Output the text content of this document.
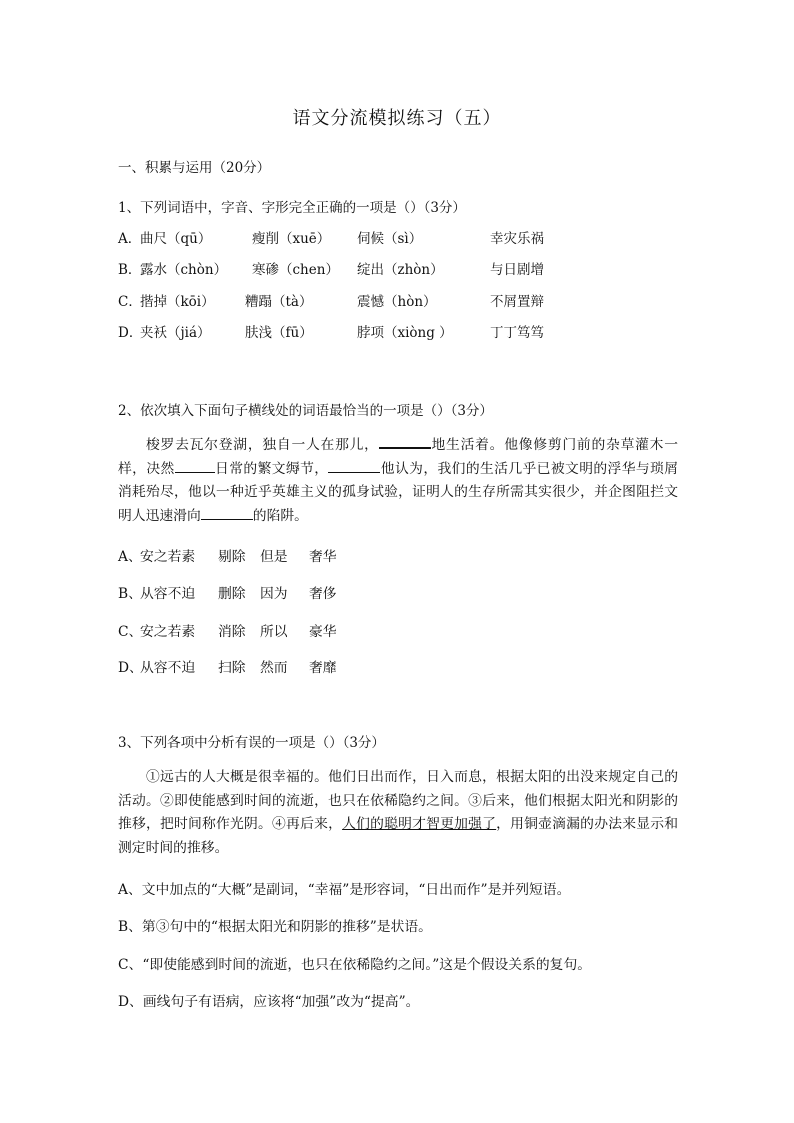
语文分流模拟练习（五）
一、积累与运用（20分）
1、下列词语中，字音、字形完全正确的一项是（）（3分）
A．
曲尺（qū）	瘦削（xuē） 伺候（sì）	幸灾乐祸
B．
露水（chòn） 寒碜（chen） 绽出（zhòn）	与日剧增
C．
揩掉（kōi） 糟蹋（tà）	震憾（hòn）	不屑置辩
D．
夹袄（jiá）	肤浅（fū）	脖项（xiòng ）	丁丁笃笃
2、依次填入下面句子横线处的词语最恰当的一项是（）（3分）
梭罗去瓦尔登湖，独自一人在那儿，	地生活着。他像修剪门前的杂草灌木一样，决然	日常的繁文缛节，	他认为，我们的生活几乎已被文明的浮华与琐屑消耗殆尽，他以一种近乎英雄主义的孤身试验，证明人的生存所需其实很少，并企图阻拦文明人迅速滑向	的陷阱。
A、
安之若素 剔除 但是 奢华
B、
从容不迫 删除 因为 奢侈
C、
安之若素 消除 所以 豪华
D、
从容不迫 扫除 然而 奢靡
3、下列各项中分析有误的一项是（）（3分）
①远古的人大概是很幸福的。他们日出而作，日入而息，根据太阳的出没来规定自己的活动。②即使能感到时间的流逝，也只在依稀隐约之间。③后来，他们根据太阳光和阴影的推移，把时间称作光阴。④再后来，人们的聪明才智更加强了，用铜壶滴漏的办法来显示和测定时间的推移。
A、文中加点的“大概”是副词，“幸福”是形容词，“日出而作”是并列短语。
B、第③句中的“根据太阳光和阴影的推移”是状语。
C、“即使能感到时间的流逝，也只在依稀隐约之间。”这是个假设关系的复句。
D、画线句子有语病，应该将“加强”改为“提高”。
